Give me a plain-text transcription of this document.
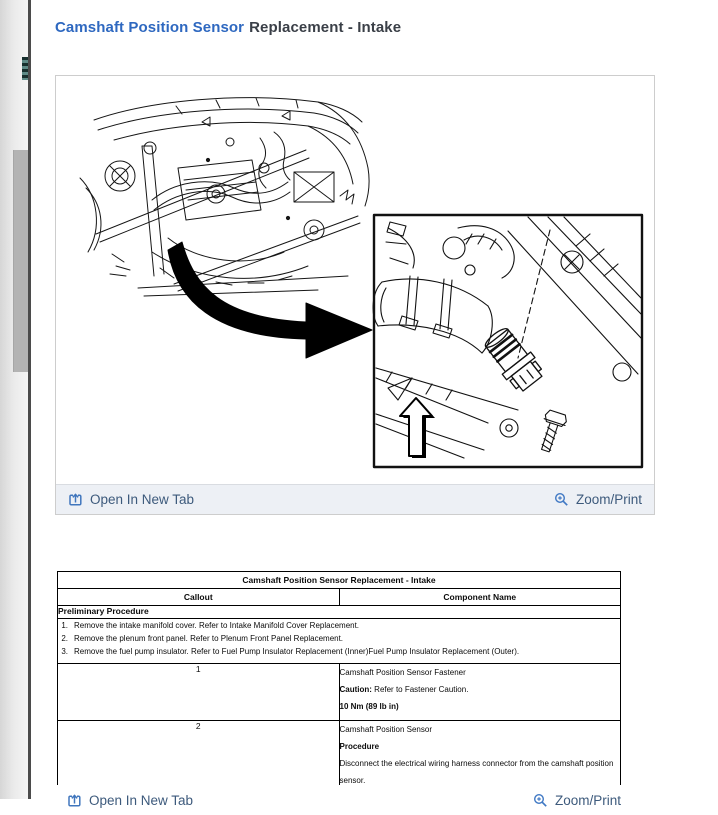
Camshaft Position Sensor Replacement - Intake
Open In New Tab	Zoom/Print
Camshaft Position Sensor Replacement - Intake	
Callout	Component Name
Preliminary Procedure	

1. Remove the intake manifold cover. Refer to Intake Manifold Cover Replacement.
2. Remove the plenum front panel. Refer to Plenum Front Panel Replacement.
3. Remove the fuel pump insulator. Refer to Fuel Pump Insulator Replacement (Inner)Fuel Pump Insulator Replacement (Outer).

1	Camshaft Position Sensor Fastener
Caution: Refer to Fastener Caution.
10 Nm (89 lb in)

2	Camshaft Position Sensor
Procedure
Disconnect the electrical wiring harness connector from the camshaft position sensor.
Open In New Tab	Zoom/Print
